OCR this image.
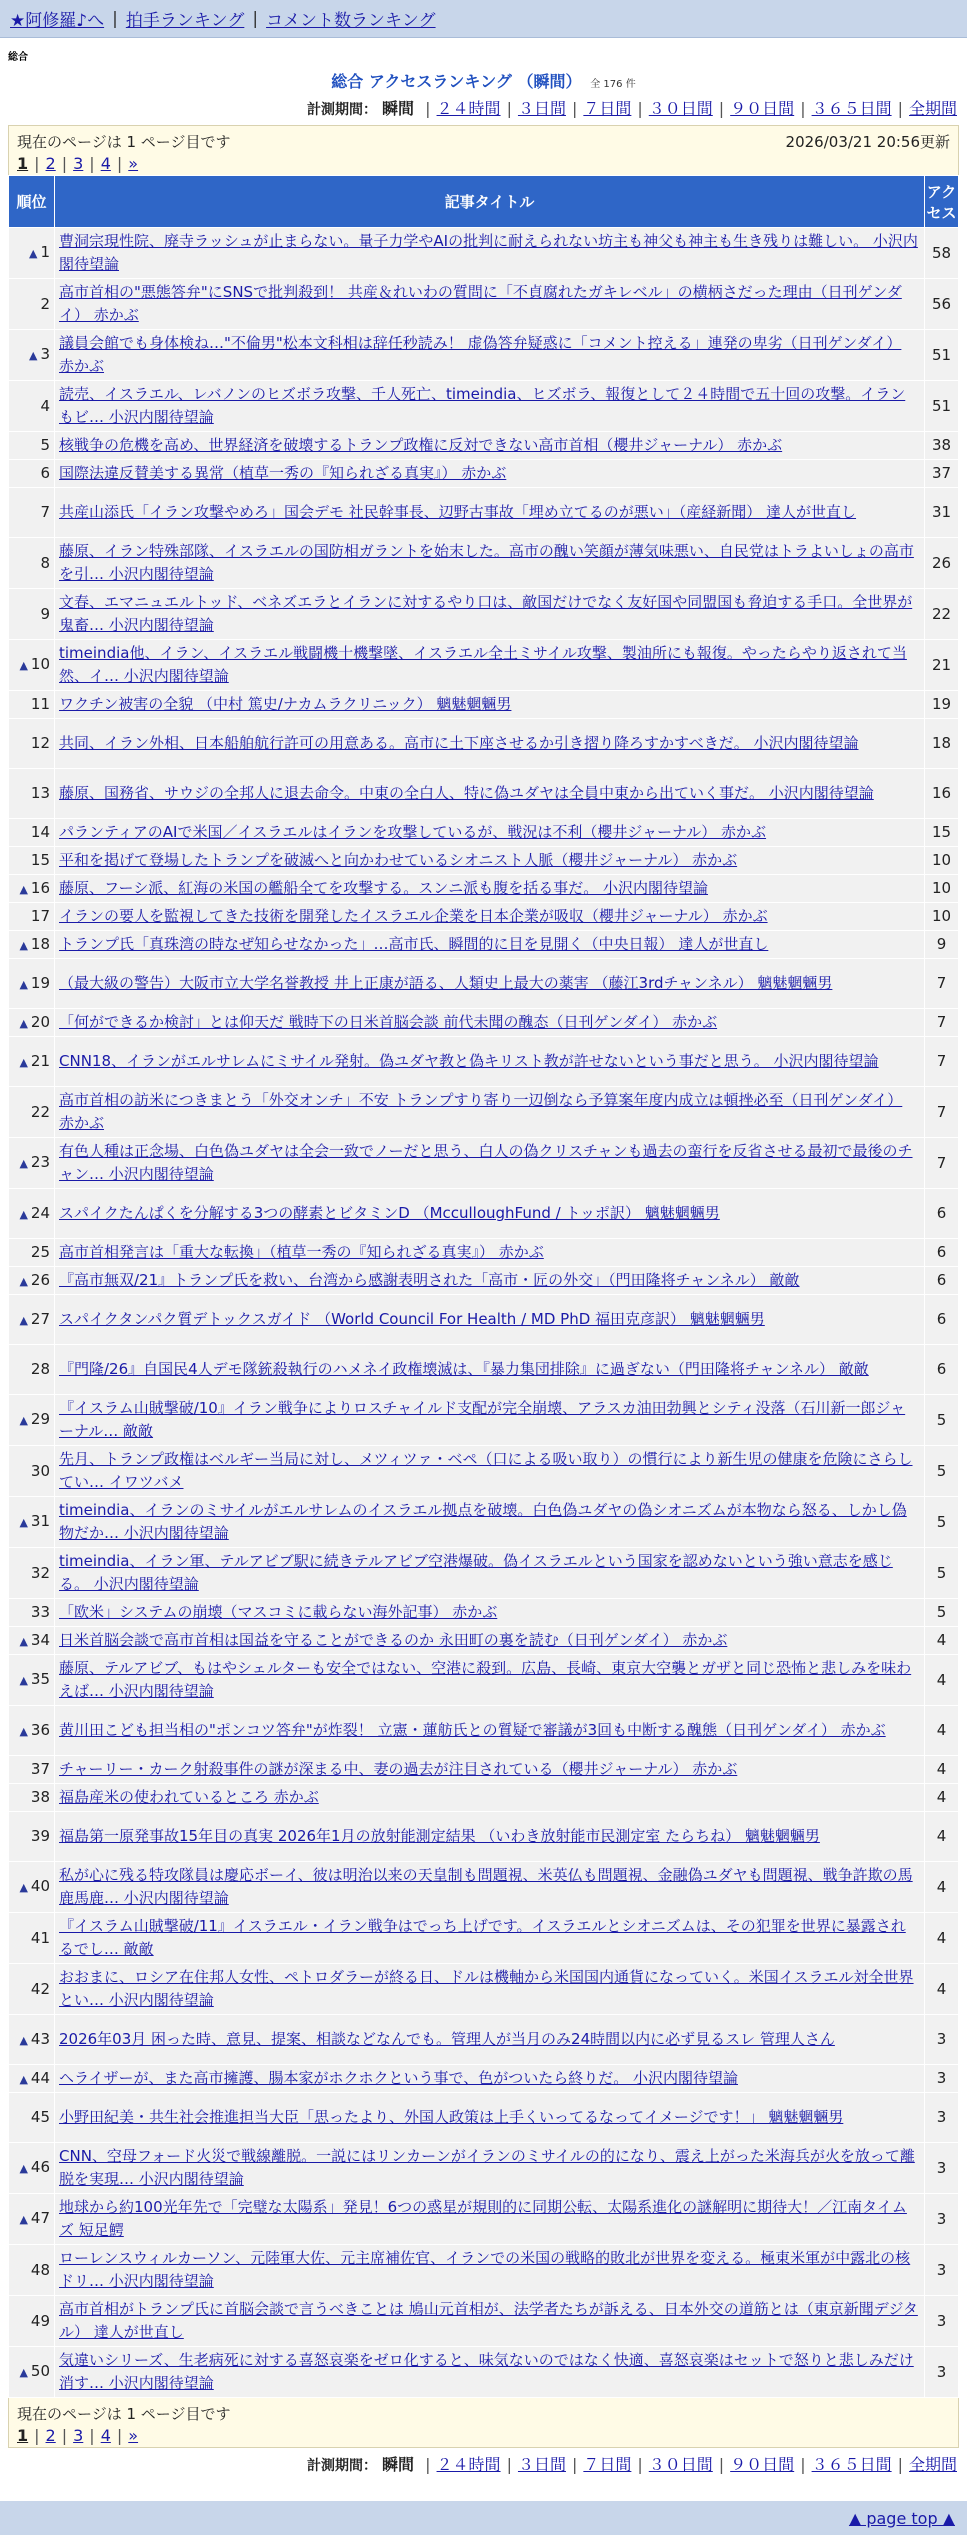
★阿修羅♪へ | 拍手ランキング | コメント数ランキング
総合
総合 アクセスランキング （瞬間） 全 176 件
計測期間： 瞬間 | ２４時間 | ３日間 | ７日間 | ３０日間 | ９０日間 | ３６５日間 | 全期間
現在のページは 1 ページ目です	2026/03/21 20:56更新
1 | 2 | 3 | 4 | »
順位	記事タイトル	アクセス
▲ 1	曹洞宗現性院、廃寺ラッシュが止まらない。量子力学やAIの批判に耐えられない坊主も神父も神主も生き残りは難しい。 小沢内閣待望論	58
2	高市首相の"悪態答弁"にSNSで批判殺到！ 共産＆れいわの質問に「不貞腐れたガキレベル」の横柄さだった理由（日刊ゲンダイ） 赤かぶ	56
▲ 3	議員会館でも身体検ね…"不倫男"松本文科相は辞任秒読み！ 虚偽答弁疑惑に「コメント控える」連発の卑劣（日刊ゲンダイ） 赤かぶ	51
4	読売、イスラエル、レバノンのヒズボラ攻撃、千人死亡、timeindia、ヒズボラ、報復として２４時間で五十回の攻撃。イランもビ… 小沢内閣待望論	51
5	核戦争の危機を高め、世界経済を破壊するトランプ政権に反対できない高市首相（櫻井ジャーナル） 赤かぶ	38
6	国際法違反賛美する異常（植草一秀の『知られざる真実』） 赤かぶ	37
7	共産山添氏「イラン攻撃やめろ」国会デモ 社民幹事長、辺野古事故「埋め立てるのが悪い」（産経新聞） 達人が世直し	31
8	藤原、イラン特殊部隊、イスラエルの国防相ガラントを始末した。高市の醜い笑顔が薄気味悪い、自民党はトラよいしょの高市を引… 小沢内閣待望論	26
9	文春、エマニュエルトッド、ベネズエラとイランに対するやり口は、敵国だけでなく友好国や同盟国も脅迫する手口。全世界が鬼畜… 小沢内閣待望論	22
▲ 10	timeindia他、イラン、イスラエル戦闘機十機撃墜、イスラエル全土ミサイル攻撃、製油所にも報復。やったらやり返されて当然、イ… 小沢内閣待望論	21
11	ワクチン被害の全貌 （中村 篤史/ナカムラクリニック） 魑魅魍魎男	19
12	共同、イラン外相、日本船舶航行許可の用意ある。高市に土下座させるか引き摺り降ろすかすべきだ。 小沢内閣待望論	18
13	藤原、国務省、サウジの全邦人に退去命令。中東の全白人、特に偽ユダヤは全員中東から出ていく事だ。 小沢内閣待望論	16
14	パランティアのAIで米国／イスラエルはイランを攻撃しているが、戦況は不利（櫻井ジャーナル） 赤かぶ	15
15	平和を掲げて登場したトランプを破滅へと向かわせているシオニスト人脈（櫻井ジャーナル） 赤かぶ	10
▲ 16	藤原、フーシ派、紅海の米国の艦船全てを攻撃する。スンニ派も腹を括る事だ。 小沢内閣待望論	10
17	イランの要人を監視してきた技術を開発したイスラエル企業を日本企業が吸収（櫻井ジャーナル） 赤かぶ	10
▲ 18	トランプ氏「真珠湾の時なぜ知らせなかった」…高市氏、瞬間的に目を見開く（中央日報） 達人が世直し	9
▲ 19	（最大級の警告）大阪市立大学名誉教授 井上正康が語る、人類史上最大の薬害 （藤江3rdチャンネル） 魑魅魍魎男	7
▲ 20	「何ができるか検討」とは仰天だ 戦時下の日米首脳会談 前代未聞の醜态（日刊ゲンダイ） 赤かぶ	7
▲ 21	CNN18、イランがエルサレムにミサイル発射。偽ユダヤ教と偽キリスト教が許せないという事だと思う。 小沢内閣待望論	7
22	高市首相の訪米につきまとう「外交オンチ」不安 トランプすり寄り一辺倒なら予算案年度内成立は頓挫必至（日刊ゲンダイ） 赤かぶ	7
▲ 23	有色人種は正念場、白色偽ユダヤは全会一致でノーだと思う、白人の偽クリスチャンも過去の蛮行を反省させる最初で最後のチャン… 小沢内閣待望論	7
▲ 24	スパイクたんぱくを分解する3つの酵素とビタミンD （McculloughFund / トッポ訳） 魑魅魍魎男	6
25	高市首相発言は「重大な転換」（植草一秀の『知られざる真実』） 赤かぶ	6
▲ 26	『高市無双/21』トランプ氏を救い、台湾から感謝表明された「高市・匠の外交」（門田隆将チャンネル） 敵敵	6
▲ 27	スパイクタンパク質デトックスガイド （World Council For Health / MD PhD 福田克彦訳） 魑魅魍魎男	6
28	『門隆/26』自国民4人デモ隊銃殺執行のハメネイ政権壊滅は、『暴力集団排除』に過ぎない（門田隆将チャンネル） 敵敵	6
▲ 29	『イスラム山賊撃破/10』イラン戦争によりロスチャイルド支配が完全崩壊、アラスカ油田勃興とシティ没落（石川新一郎ジャーナル… 敵敵	5
30	先月、トランプ政権はベルギー当局に対し、メツィツァ・ベペ（口による吸い取り）の慣行により新生児の健康を危険にさらしてい… イワツバメ	5
▲ 31	timeindia、イランのミサイルがエルサレムのイスラエル拠点を破壊。白色偽ユダヤの偽シオニズムが本物なら怒る、しかし偽物だか… 小沢内閣待望論	5
32	timeindia、イラン軍、テルアビブ駅に続きテルアビブ空港爆破。偽イスラエルという国家を認めないという強い意志を感じる。 小沢内閣待望論	5
33	「欧米」システムの崩壊（マスコミに載らない海外記事） 赤かぶ	5
▲ 34	日米首脳会談で高市首相は国益を守ることができるのか 永田町の裏を読む（日刊ゲンダイ） 赤かぶ	4
▲ 35	藤原、テルアビブ、もはやシェルターも安全ではない、空港に殺到。広島、長崎、東京大空襲とガザと同じ恐怖と悲しみを味わえば… 小沢内閣待望論	4
▲ 36	黄川田こども担当相の"ポンコツ答弁"が炸裂！ 立憲・蓮舫氏との質疑で審議が3回も中断する醜態（日刊ゲンダイ） 赤かぶ	4
37	チャーリー・カーク射殺事件の謎が深まる中、妻の過去が注目されている（櫻井ジャーナル） 赤かぶ	4
38	福島産米の使われているところ 赤かぶ	4
39	福島第一原発事故15年目の真実 2026年1月の放射能測定結果 （いわき放射能市民測定室 たらちね） 魑魅魍魎男	4
▲ 40	私が心に残る特攻隊員は慶応ボーイ、彼は明治以来の天皇制も問題視、米英仏も問題視、金融偽ユダヤも問題視、戦争許欺の馬鹿馬鹿… 小沢内閣待望論	4
41	『イスラム山賊撃破/11』イスラエル・イラン戦争はでっち上げです。イスラエルとシオニズムは、その犯罪を世界に暴露されるでし… 敵敵	4
42	おおまに、ロシア在住邦人女性、ペトロダラーが終る日、ドルは機軸から米国国内通貨になっていく。米国イスラエル対全世界とい… 小沢内閣待望論	4
▲ 43	2026年03月 困った時、意見、提案、相談などなんでも。管理人が当月のみ24時間以内に必ず見るスレ 管理人さん	3
▲ 44	ヘライザーが、また高市擁護、腸本家がホクホクという事で、色がついたら終りだ。 小沢内閣待望論	3
45	小野田紀美・共生社会推進担当大臣「思ったより、外国人政策は上手くいってるなってイメージです！」 魑魅魍魎男	3
▲ 46	CNN、空母フォード火災で戦線離脱。一説にはリンカーンがイランのミサイルの的になり、震え上がった米海兵が火を放って離脱を実現… 小沢内閣待望論	3
▲ 47	地球から約100光年先で「完璧な太陽系」発見！6つの惑星が規則的に同期公転、太陽系進化の謎解明に期待大！／江南タイムズ 短足鰐	3
48	ローレンスウィルカーソン、元陸軍大佐、元主席補佐官、イランでの米国の戦略的敗北が世界を変える。極東米軍が中露北の核ドリ… 小沢内閣待望論	3
49	高市首相がトランプ氏に首脳会談で言うべきことは 鳩山元首相が、法学者たちが訴える、日本外交の道筋とは（東京新聞デジタル） 達人が世直し	3
▲ 50	気違いシリーズ、生老病死に対する喜怒哀楽をゼロ化すると、味気ないのではなく快適、喜怒哀楽はセットで怒りと悲しみだけ消す… 小沢内閣待望論	3
現在のページは 1 ページ目です
1 | 2 | 3 | 4 | »
計測期間： 瞬間 | ２４時間 | ３日間 | ７日間 | ３０日間 | ９０日間 | ３６５日間 | 全期間
▲ page top ▲
